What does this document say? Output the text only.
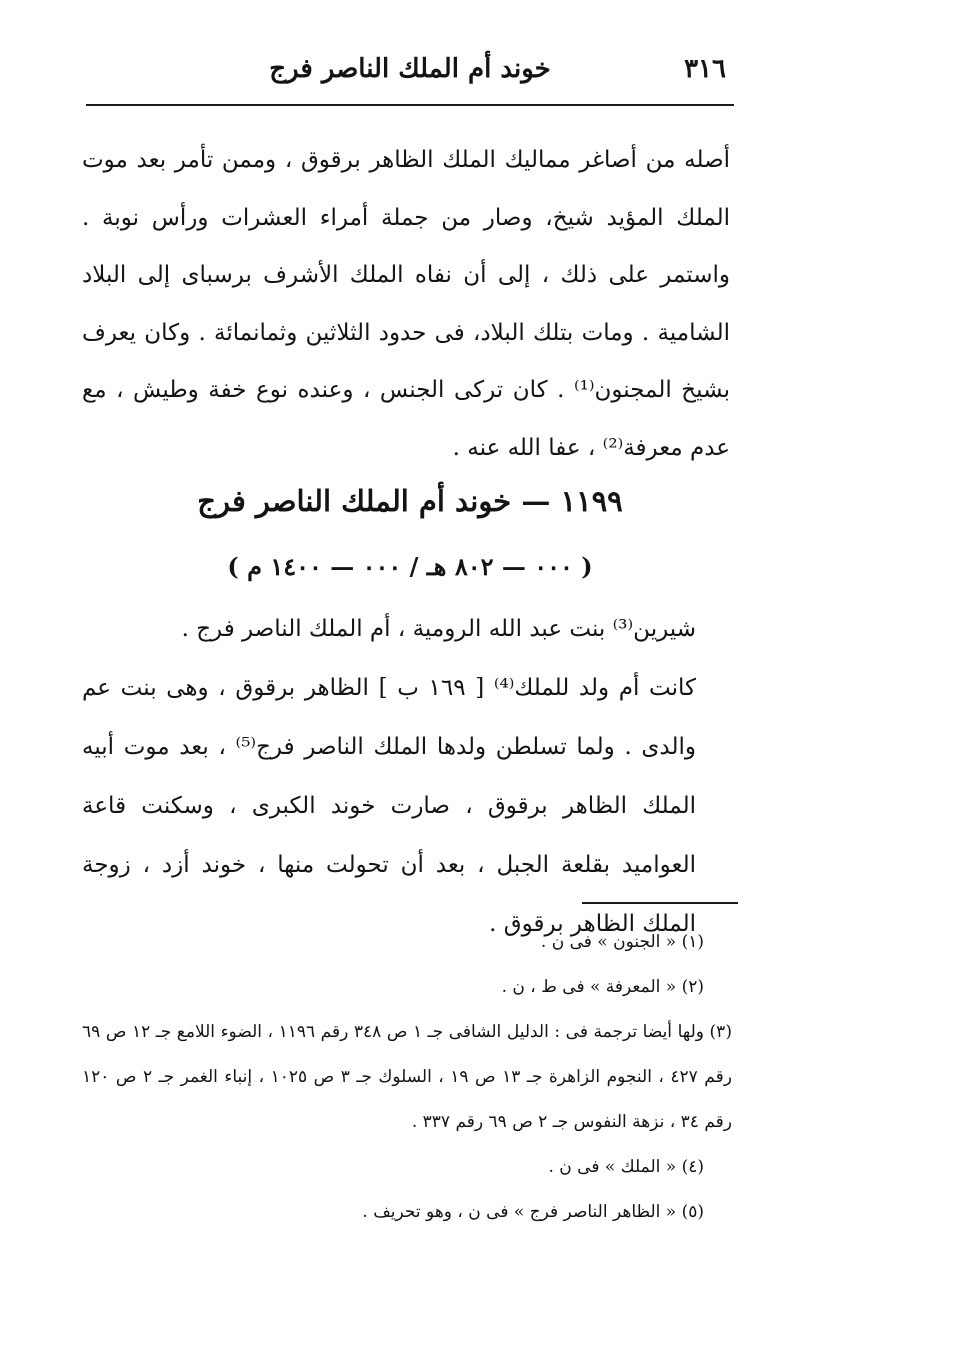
٣١٦
خوند أم الملك الناصر فرج
أصله من أصاغر مماليك الملك الظاهر برقوق ، وممن تأمر بعد موت الملك المؤيد شيخ، وصار من جملة أمراء العشرات ورأس نوبة . واستمر على ذلك ، إلى أن نفاه الملك الأشرف برسباى إلى البلاد الشامية . ومات بتلك البلاد، فى حدود الثلاثين وثمانمائة . وكان يعرف بشيخ المجنون⁽¹⁾ . كان تركى الجنس ، وعنده نوع خفة وطيش ، مع عدم معرفة⁽²⁾ ، عفا الله عنه .
١١٩٩ — خوند أم الملك الناصر فرج
( ٠٠٠ — ٨٠٢ هـ / ٠٠٠ — ١٤٠٠ م )

شيرين⁽³⁾ بنت عبد الله الرومية ، أم الملك الناصر فرج .

كانت أم ولد للملك⁽⁴⁾ [ ١٦٩ ب ] الظاهر برقوق ، وهى بنت عم والدى . ولما تسلطن ولدها الملك الناصر فرج⁽⁵⁾ ، بعد موت أبيه الملك الظاهر برقوق ، صارت خوند الكبرى ، وسكنت قاعة العواميد بقلعة الجبل ، بعد أن تحولت منها ، خوند أزد ، زوجة الملك الظاهر برقوق .

(١) « الجنون » فى ن .

(٢) « المعرفة » فى ط ، ن .

(٣) ولها أيضا ترجمة فى : الدليل الشافى جـ ١ ص ٣٤٨ رقم ١١٩٦ ، الضوء اللامع جـ ١٢ ص ٦٩ رقم ٤٢٧ ، النجوم الزاهرة جـ ١٣ ص ١٩ ، السلوك جـ ٣ ص ١٠٢٥ ، إنباء الغمر جـ ٢ ص ١٢٠ رقم ٣٤ ، نزهة النفوس جـ ٢ ص ٦٩ رقم ٣٣٧ .

(٤) « الملك » فى ن .

(٥) « الظاهر الناصر فرج » فى ن ، وهو تحريف .
